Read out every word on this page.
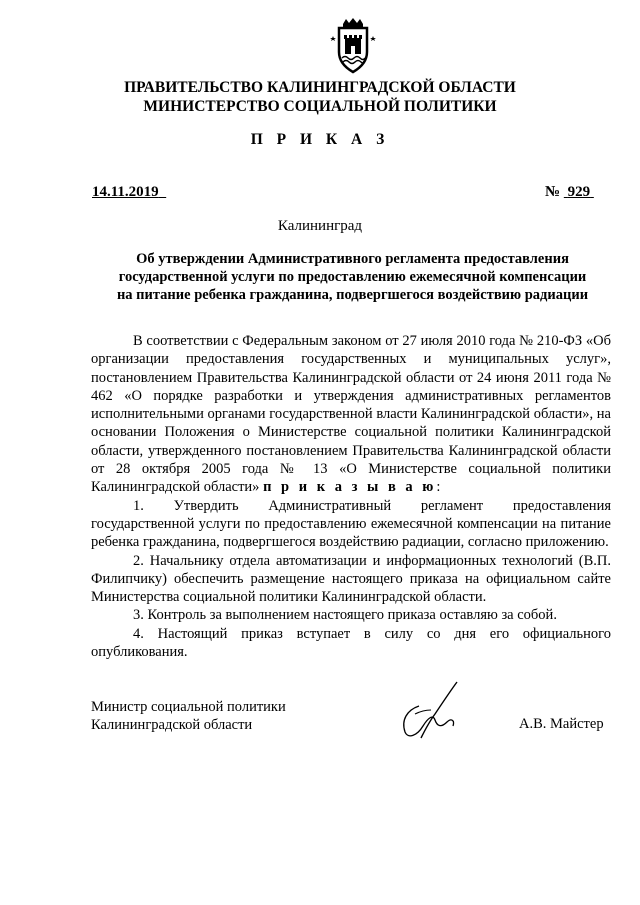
ПРАВИТЕЛЬСТВО КАЛИНИНГРАДСКОЙ ОБЛАСТИ
МИНИСТЕРСТВО СОЦИАЛЬНОЙ ПОЛИТИКИ
П Р И К А З
14.11.2019	№ 929
Калининград
Об утверждении Административного регламента предоставления
государственной услуги по предоставлению ежемесячной компенсации
на питание ребенка гражданина, подвергшегося воздействию радиации

В соответствии с Федеральным законом от 27 июля 2010 года № 210-ФЗ «Об организации предоставления государственных и муниципальных услуг», постановлением Правительства Калининградской области от 24 июня 2011 года № 462 «О порядке разработки и утверждения административных регламентов исполнительными органами государственной власти Калининградской области», на основании Положения о Министерстве социальной политики Калининградской области, утвержденного постановлением Правительства Калининградской области от 28 октября 2005 года № 13 «О Министерстве социальной политики Калининградской области» п р и к а з ы в а ю:

1. Утвердить Административный регламент предоставления государственной услуги по предоставлению ежемесячной компенсации на питание ребенка гражданина, подвергшегося воздействию радиации, согласно приложению.

2. Начальнику отдела автоматизации и информационных технологий (В.П. Филипчику) обеспечить размещение настоящего приказа на официальном сайте Министерства социальной политики Калининградской области.

3. Контроль за выполнением настоящего приказа оставляю за собой.

4. Настоящий приказ вступает в силу со дня его официального опубликования.

Министр социальной политики
Калининградской области	А.В. Майстер
